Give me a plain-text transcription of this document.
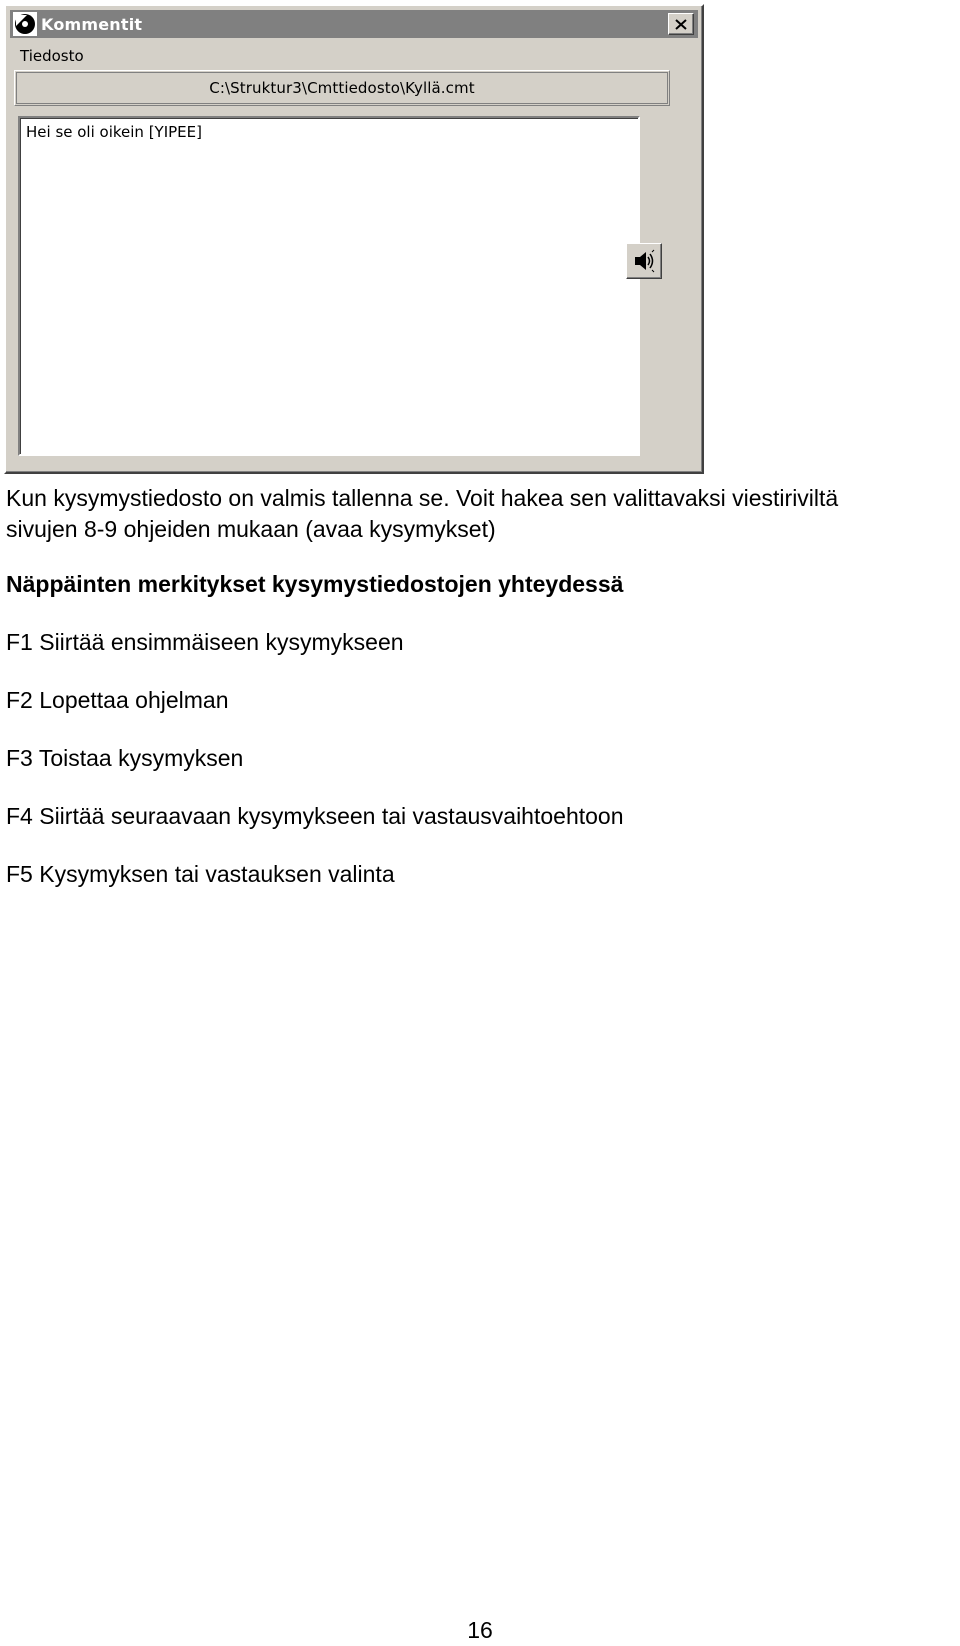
Kommentit
Tiedosto
C:\Struktur3\Cmttiedosto\Kyllä.cmt
Hei se oli oikein [YIPEE]

Kun kysymystiedosto on valmis tallenna se. Voit hakea sen valittavaksi viestiriviltä
sivujen 8-9 ohjeiden mukaan (avaa kysymykset)

Näppäinten merkitykset kysymystiedostojen yhteydessä

F1 Siirtää ensimmäiseen kysymykseen

F2 Lopettaa ohjelman

F3 Toistaa kysymyksen

F4 Siirtää seuraavaan kysymykseen tai vastausvaihtoehtoon

F5 Kysymyksen tai vastauksen valinta

16
